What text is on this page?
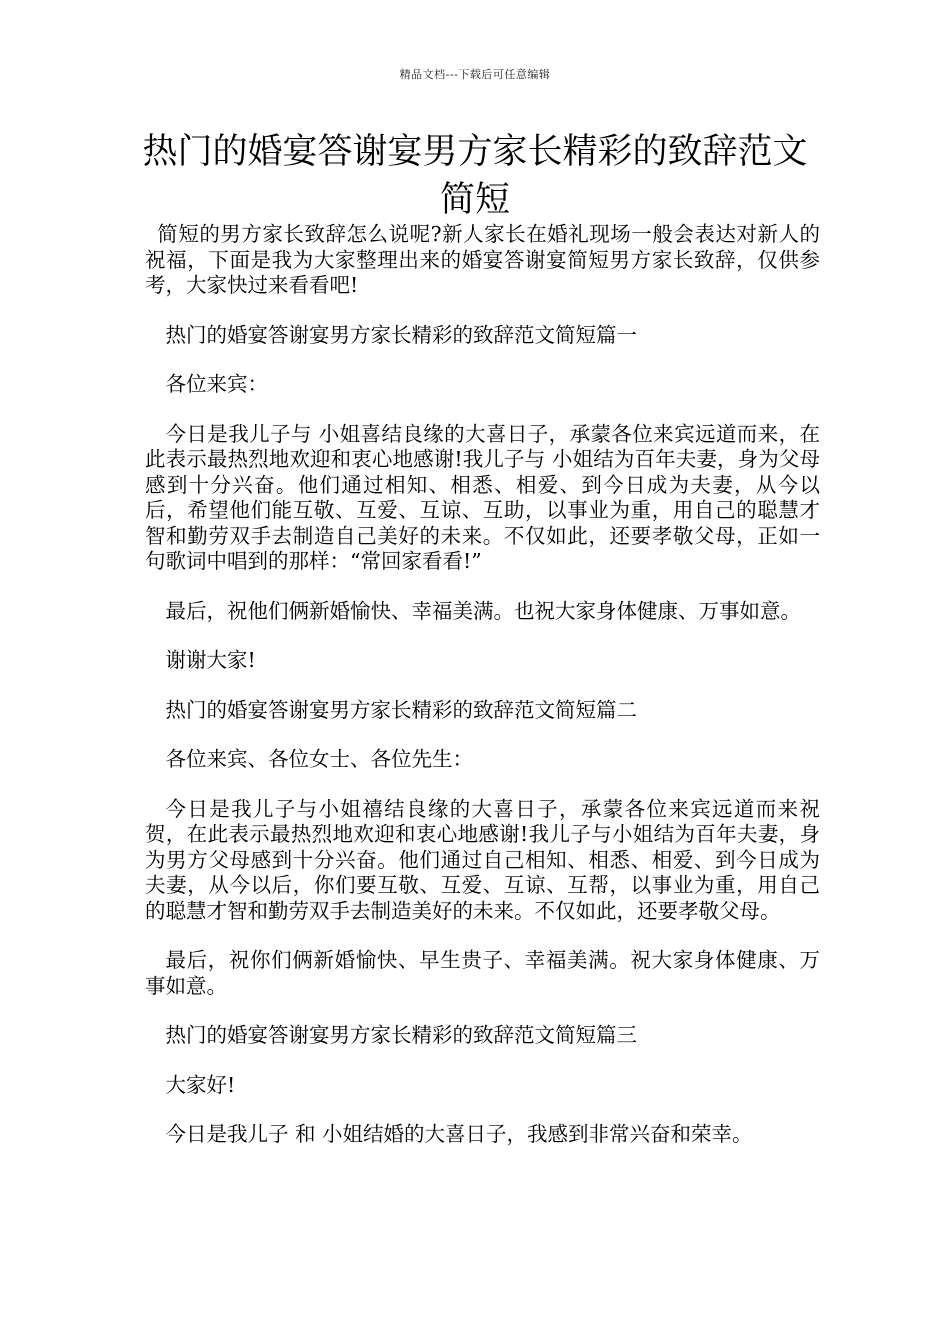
精品文档---下载后可任意编辑
热门的婚宴答谢宴男方家长精彩的致辞范文简短

简短的男方家长致辞怎么说呢?新人家长在婚礼现场一般会表达对新人的祝福，下面是我为大家整理出来的婚宴答谢宴简短男方家长致辞，仅供参考，大家快过来看看吧!

热门的婚宴答谢宴男方家长精彩的致辞范文简短篇一

各位来宾：

今日是我儿子与 小姐喜结良缘的大喜日子，承蒙各位来宾远道而来，在此表示最热烈地欢迎和衷心地感谢!我儿子与 小姐结为百年夫妻，身为父母感到十分兴奋。他们通过相知、相悉、相爱、到今日成为夫妻，从今以后，希望他们能互敬、互爱、互谅、互助，以事业为重，用自己的聪慧才智和勤劳双手去制造自己美好的未来。不仅如此，还要孝敬父母，正如一句歌词中唱到的那样：“常回家看看!”

最后，祝他们俩新婚愉快、幸福美满。也祝大家身体健康、万事如意。

谢谢大家!

热门的婚宴答谢宴男方家长精彩的致辞范文简短篇二

各位来宾、各位女士、各位先生：

今日是我儿子与小姐禧结良缘的大喜日子，承蒙各位来宾远道而来祝贺，在此表示最热烈地欢迎和衷心地感谢!我儿子与小姐结为百年夫妻，身为男方父母感到十分兴奋。他们通过自己相知、相悉、相爱、到今日成为夫妻，从今以后，你们要互敬、互爱、互谅、互帮，以事业为重，用自己的聪慧才智和勤劳双手去制造美好的未来。不仅如此，还要孝敬父母。

最后，祝你们俩新婚愉快、早生贵子、幸福美满。祝大家身体健康、万事如意。

热门的婚宴答谢宴男方家长精彩的致辞范文简短篇三

大家好!

今日是我儿子 和 小姐结婚的大喜日子，我感到非常兴奋和荣幸。
